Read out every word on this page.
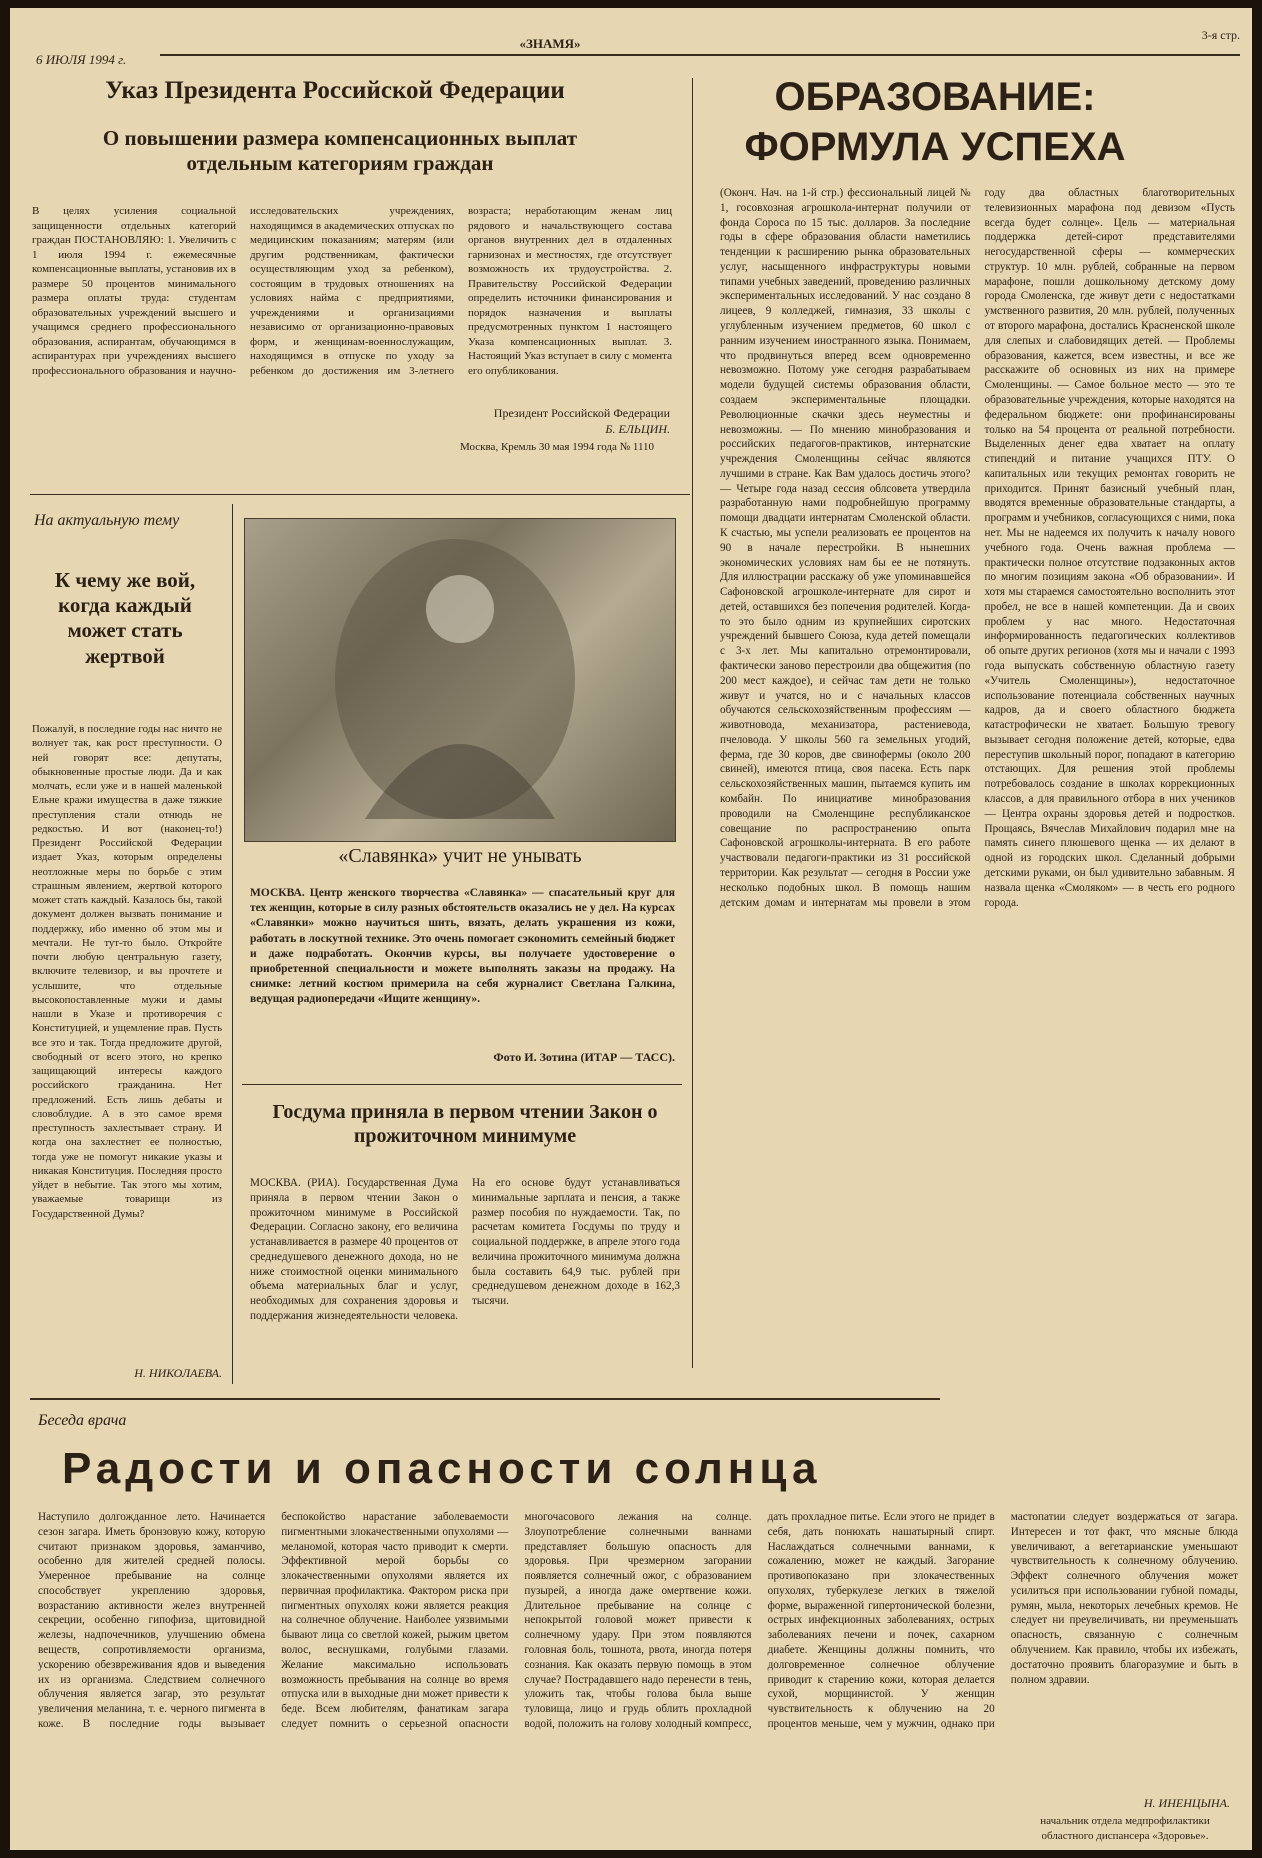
6 ИЮЛЯ 1994 г.
«ЗНАМЯ»
3-я стр.
Указ Президента Российской Федерации
О повышении размера компенсационных выплат отдельным категориям граждан
В целях усиления социальной защищенности отдельных категорий граждан ПОСТАНОВЛЯЮ: 1. Увеличить с 1 июля 1994 г. ежемесячные компенсационные выплаты, установив их в размере 50 процентов минимального размера оплаты труда: студентам образовательных учреждений высшего и учащимся среднего профессионального образования, аспирантам, обучающимся в аспирантурах при учреждениях высшего профессионального образования и научно-исследовательских учреждениях, находящимся в академических отпусках по медицинским показаниям; матерям (или другим родственникам, фактически осуществляющим уход за ребенком), состоящим в трудовых отношениях на условиях найма с предприятиями, учреждениями и организациями независимо от организационно-правовых форм, и женщинам-военнослужащим, находящимся в отпуске по уходу за ребенком до достижения им 3-летнего возраста; неработающим женам лиц рядового и начальствующего состава органов внутренних дел в отдаленных гарнизонах и местностях, где отсутствует возможность их трудоустройства. 2. Правительству Российской Федерации определить источники финансирования и порядок назначения и выплаты предусмотренных пунктом 1 настоящего Указа компенсационных выплат. 3. Настоящий Указ вступает в силу с момента его опубликования.
Президент Российской Федерации
Б. ЕЛЬЦИН.
Москва, Кремль 30 мая 1994 года № 1110
ОБРАЗОВАНИЕ: ФОРМУЛА УСПЕХА
(Оконч. Нач. на 1-й стр.) фессиональный лицей № 1, госовхозная агрошкола-интернат получили от фонда Сороса по 15 тыс. долларов. За последние годы в сфере образования области наметились тенденции к расширению рынка образовательных услуг, насыщенного инфраструктуры новыми типами учебных заведений, проведению различных экспериментальных исследований. У нас создано 8 лицеев, 9 колледжей, гимназия, 33 школы с углубленным изучением предметов, 60 школ с ранним изучением иностранного языка. Понимаем, что продвинуться вперед всем одновременно невозможно. Потому уже сегодня разрабатываем модели будущей системы образования области, создаем экспериментальные площадки. Революционные скачки здесь неуместны и невозможны. — По мнению минобразования и российских педагогов-практиков, интернатские учреждения Смоленщины сейчас являются лучшими в стране. Как Вам удалось достичь этого? — Четыре года назад сессия облсовета утвердила разработанную нами подробнейшую программу помощи двадцати интернатам Смоленской области. К счастью, мы успели реализовать ее процентов на 90 в начале перестройки. В нынешних экономических условиях нам бы ее не потянуть. Для иллюстрации расскажу об уже упоминавшейся Сафоновской агрошколе-интернате для сирот и детей, оставшихся без попечения родителей. Когда-то это было одним из крупнейших сиротских учреждений бывшего Союза, куда детей помещали с 3-х лет. Мы капитально отремонтировали, фактически заново перестроили два общежития (по 200 мест каждое), и сейчас там дети не только живут и учатся, но и с начальных классов обучаются сельскохозяйственным профессиям — животновода, механизатора, растениевода, пчеловода. У школы 560 га земельных угодий, ферма, где 30 коров, две свинофермы (около 200 свиней), имеются птица, своя пасека. Есть парк сельскохозяйственных машин, пытаемся купить им комбайн. По инициативе минобразования проводили на Смоленщине республиканское совещание по распространению опыта Сафоновской агрошколы-интерната. В его работе участвовали педагоги-практики из 31 российской территории. Как результат — сегодня в России уже несколько подобных школ. В помощь нашим детским домам и интернатам мы провели в этом году два областных благотворительных телевизионных марафона под девизом «Пусть всегда будет солнце». Цель — материальная поддержка детей-сирот представителями негосударственной сферы — коммерческих структур. 10 млн. рублей, собранные на первом марафоне, пошли дошкольному детскому дому города Смоленска, где живут дети с недостатками умственного развития, 20 млн. рублей, полученных от второго марафона, достались Красненской школе для слепых и слабовидящих детей. — Проблемы образования, кажется, всем известны, и все же расскажите об основных из них на примере Смоленщины. — Самое больное место — это те образовательные учреждения, которые находятся на федеральном бюджете: они профинансированы только на 54 процента от реальной потребности. Выделенных денег едва хватает на оплату стипендий и питание учащихся ПТУ. О капитальных или текущих ремонтах говорить не приходится. Принят базисный учебный план, вводятся временные образовательные стандарты, а программ и учебников, согласующихся с ними, пока нет. Мы не надеемся их получить к началу нового учебного года. Очень важная проблема — практически полное отсутствие подзаконных актов по многим позициям закона «Об образовании». И хотя мы стараемся самостоятельно восполнить этот пробел, не все в нашей компетенции. Да и своих проблем у нас много. Недостаточная информированность педагогических коллективов об опыте других регионов (хотя мы и начали с 1993 года выпускать собственную областную газету «Учитель Смоленщины»), недостаточное использование потенциала собственных научных кадров, да и своего областного бюджета катастрофически не хватает. Большую тревогу вызывает сегодня положение детей, которые, едва переступив школьный порог, попадают в категорию отстающих. Для решения этой проблемы потребовалось создание в школах коррекционных классов, а для правильного отбора в них учеников — Центра охраны здоровья детей и подростков. Прощаясь, Вячеслав Михайлович подарил мне на память синего плюшевого щенка — их делают в одной из городских школ. Сделанный добрыми детскими руками, он был удивительно забавным. Я назвала щенка «Смоляком» — в честь его родного города.
На актуальную тему
К чему же вой, когда каждый может стать жертвой
Пожалуй, в последние годы нас ничто не волнует так, как рост преступности. О ней говорят все: депутаты, обыкновенные простые люди. Да и как молчать, если уже и в нашей маленькой Ельне кражи имущества в даже тяжкие преступления стали отнюдь не редкостью. И вот (наконец-то!) Президент Российской Федерации издает Указ, которым определены неотложные меры по борьбе с этим страшным явлением, жертвой которого может стать каждый. Казалось бы, такой документ должен вызвать понимание и поддержку, ибо именно об этом мы и мечтали. Не тут-то было. Откройте почти любую центральную газету, включите телевизор, и вы прочтете и услышите, что отдельные высокопоставленные мужи и дамы нашли в Указе и противоречия с Конституцией, и ущемление прав. Пусть все это и так. Тогда предложите другой, свободный от всего этого, но крепко защищающий интересы каждого российского гражданина. Нет предложений. Есть лишь дебаты и словоблудие. А в это самое время преступность захлестывает страну. И когда она захлестнет ее полностью, тогда уже не помогут никакие указы и никакая Конституция. Последняя просто уйдет в небытие. Так этого мы хотим, уважаемые товарищи из Государственной Думы?
Н. НИКОЛАЕВА.
«Славянка» учит не унывать
МОСКВА. Центр женского творчества «Славянка» — спасательный круг для тех женщин, которые в силу разных обстоятельств оказались не у дел. На курсах «Славянки» можно научиться шить, вязать, делать украшения из кожи, работать в лоскутной технике. Это очень помогает сэкономить семейный бюджет и даже подработать. Окончив курсы, вы получаете удостоверение о приобретенной специальности и можете выполнять заказы на продажу. На снимке: летний костюм примерила на себя журналист Светлана Галкина, ведущая радиопередачи «Ищите женщину».
Фото И. Зотина (ИТАР — ТАСС).
Госдума приняла в первом чтении Закон о прожиточном минимуме
МОСКВА. (РИА). Государственная Дума приняла в первом чтении Закон о прожиточном минимуме в Российской Федерации. Согласно закону, его величина устанавливается в размере 40 процентов от среднедушевого денежного дохода, но не ниже стоимостной оценки минимального объема материальных благ и услуг, необходимых для сохранения здоровья и поддержания жизнедеятельности человека. На его основе будут устанавливаться минимальные зарплата и пенсия, а также размер пособия по нуждаемости. Так, по расчетам комитета Госдумы по труду и социальной поддержке, в апреле этого года величина прожиточного минимума должна была составить 64,9 тыс. рублей при среднедушевом денежном доходе в 162,3 тысячи.
Беседа врача
Радости и опасности солнца
Наступило долгожданное лето. Начинается сезон загара. Иметь бронзовую кожу, которую считают признаком здоровья, заманчиво, особенно для жителей средней полосы. Умеренное пребывание на солнце способствует укреплению здоровья, возрастанию активности желез внутренней секреции, особенно гипофиза, щитовидной железы, надпочечников, улучшению обмена веществ, сопротивляемости организма, ускорению обезвреживания ядов и выведения их из организма. Следствием солнечного облучения является загар, это результат увеличения меланина, т. е. черного пигмента в коже. В последние годы вызывает беспокойство нарастание заболеваемости пигментными злокачественными опухолями — меланомой, которая часто приводит к смерти. Эффективной мерой борьбы со злокачественными опухолями является их первичная профилактика. Фактором риска при пигментных опухолях кожи является реакция на солнечное облучение. Наиболее уязвимыми бывают лица со светлой кожей, рыжим цветом волос, веснушками, голубыми глазами. Желание максимально использовать возможность пребывания на солнце во время отпуска или в выходные дни может привести к беде. Всем любителям, фанатикам загара следует помнить о серьезной опасности многочасового лежания на солнце. Злоупотребление солнечными ваннами представляет большую опасность для здоровья. При чрезмерном загорании появляется солнечный ожог, с образованием пузырей, а иногда даже омертвение кожи. Длительное пребывание на солнце с непокрытой головой может привести к солнечному удару. При этом появляются головная боль, тошнота, рвота, иногда потеря сознания. Как оказать первую помощь в этом случае? Пострадавшего надо перенести в тень, уложить так, чтобы голова была выше туловища, лицо и грудь облить прохладной водой, положить на голову холодный компресс, дать прохладное питье. Если этого не придет в себя, дать понюхать нашатырный спирт. Наслаждаться солнечными ваннами, к сожалению, может не каждый. Загорание противопоказано при злокачественных опухолях, туберкулезе легких в тяжелой форме, выраженной гипертонической болезни, острых инфекционных заболеваниях, острых заболеваниях печени и почек, сахарном диабете. Женщины должны помнить, что долговременное солнечное облучение приводит к старению кожи, которая делается сухой, морщинистой. У женщин чувствительность к облучению на 20 процентов меньше, чем у мужчин, однако при мастопатии следует воздержаться от загара. Интересен и тот факт, что мясные блюда увеличивают, а вегетарианские уменьшают чувствительность к солнечному облучению. Эффект солнечного облучения может усилиться при использовании губной помады, румян, мыла, некоторых лечебных кремов. Не следует ни преувеличивать, ни преуменьшать опасность, связанную с солнечным облучением. Как правило, чтобы их избежать, достаточно проявить благоразумие и быть в полном здравии.
Н. ИНЕНЦЫНА.
начальник отдела медпрофилактики областного диспансера «Здоровье».
